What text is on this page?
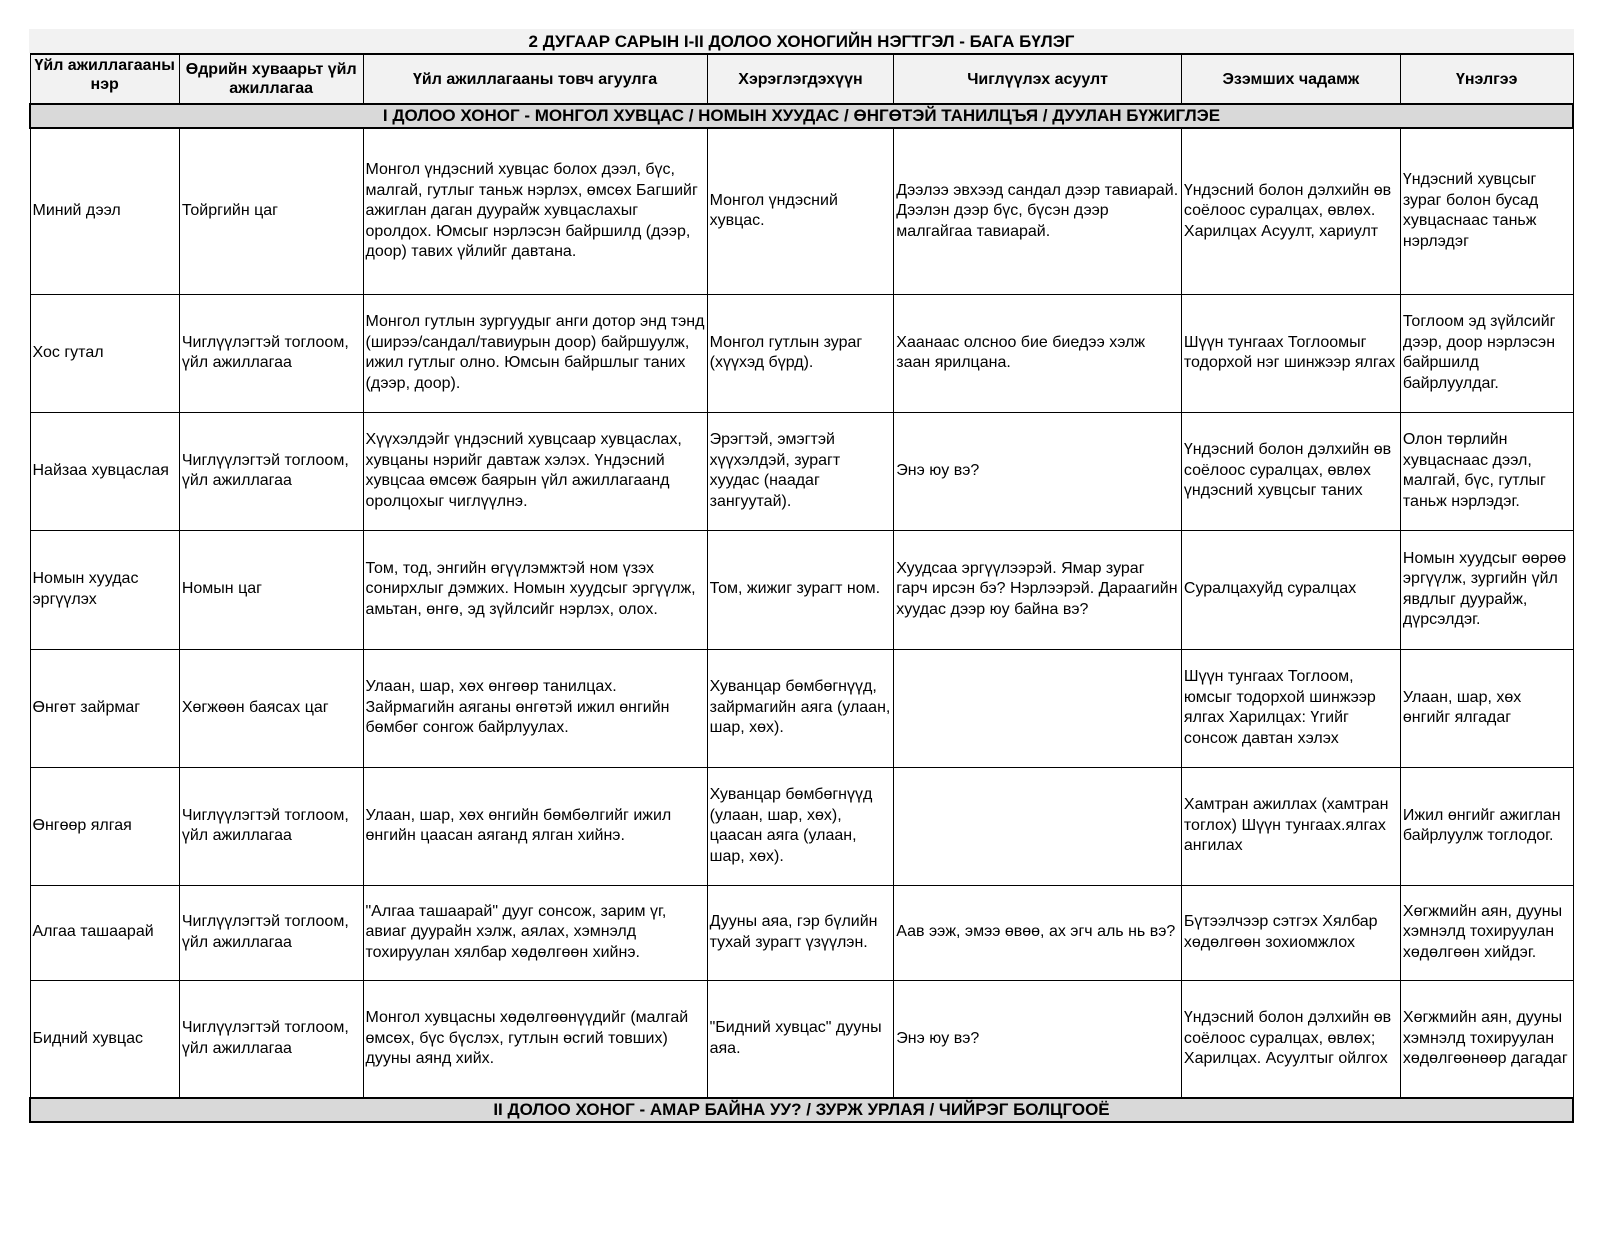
2 ДУГААР САРЫН I-II ДОЛОО ХОНОГИЙН НЭГТГЭЛ - БАГА БҮЛЭГ
Үйл ажиллагааны нэр	Өдрийн хуваарьт үйл ажиллагаа	Үйл ажиллагааны товч агуулга	Хэрэглэгдэхүүн	Чиглүүлэх асуулт	Эзэмших чадамж	Үнэлгээ
I ДОЛОО ХОНОГ - МОНГОЛ ХУВЦАС / НОМЫН ХУУДАС / ӨНГӨТЭЙ ТАНИЛЦЪЯ / ДУУЛАН БҮЖИГЛЭЕ						
Миний дээл	Тойргийн цаг	Монгол үндэсний хувцас болох дээл, бүс, малгай, гутлыг таньж нэрлэх, өмсөх Багшийг ажиглан даган дуурайж хувцаслахыг оролдох. Юмсыг нэрлэсэн байршилд (дээр, доор) тавих үйлийг давтана.	Монгол үндэсний хувцас.	Дээлээ эвхээд сандал дээр тавиарай. Дээлэн дээр бүс, бүсэн дээр малгайгаа тавиарай.	Үндэсний болон дэлхийн өв соёлоос суралцах, өвлөх. Харилцах Асуулт, хариулт	Үндэсний хувцсыг зураг болон бусад хувцаснаас таньж нэрлэдэг
Хос гутал	Чиглүүлэгтэй тоглоом, үйл ажиллагаа	Монгол гутлын зургуудыг анги дотор энд тэнд (ширээ/сандал/тавиурын доор) байршуулж, ижил гутлыг олно. Юмсын байршлыг таних (дээр, доор).	Монгол гутлын зураг (хүүхэд бүрд).	Хаанаас олсноо бие биедээ хэлж заан ярилцана.	Шүүн тунгаах Тоглоомыг тодорхой нэг шинжээр ялгах	Тоглоом эд зүйлсийг дээр, доор нэрлэсэн байршилд байрлуулдаг.
Найзаа хувцаслая	Чиглүүлэгтэй тоглоом, үйл ажиллагаа	Хүүхэлдэйг үндэсний хувцсаар хувцаслах, хувцаны нэрийг давтаж хэлэх. Үндэсний хувцсаа өмсөж баярын үйл ажиллагаанд оролцохыг чиглүүлнэ.	Эрэгтэй, эмэгтэй хүүхэлдэй, зурагт хуудас (наадаг зангуутай).	Энэ юу вэ?	Үндэсний болон дэлхийн өв соёлоос суралцах, өвлөх үндэсний хувцсыг таних	Олон төрлийн хувцаснаас дээл, малгай, бүс, гутлыг таньж нэрлэдэг.
Номын хуудас эргүүлэх	Номын цаг	Том, тод, энгийн өгүүлэмжтэй ном үзэх сонирхлыг дэмжих. Номын хуудсыг эргүүлж, амьтан, өнгө, эд зүйлсийг нэрлэх, олох.	Том, жижиг зурагт ном.	Хуудсаа эргүүлээрэй. Ямар зураг гарч ирсэн бэ? Нэрлээрэй. Дараагийн хуудас дээр юу байна вэ?	Суралцахуйд суралцах	Номын хуудсыг өөрөө эргүүлж, зургийн үйл явдлыг дуурайж, дүрсэлдэг.
Өнгөт зайрмаг	Хөгжөөн баясах цаг	Улаан, шар, хөх өнгөөр танилцах. Зайрмагийн аяганы өнгөтэй ижил өнгийн бөмбөг сонгож байрлуулах.	Хуванцар бөмбөгнүүд, зайрмагийн аяга (улаан, шар, хөх).		Шүүн тунгаах Тоглоом, юмсыг тодорхой шинжээр ялгах Харилцах: Үгийг сонсож давтан хэлэх	Улаан, шар, хөх өнгийг ялгадаг
Өнгөөр ялгая	Чиглүүлэгтэй тоглоом, үйл ажиллагаа	Улаан, шар, хөх өнгийн бөмбөлгийг ижил өнгийн цаасан аяганд ялган хийнэ.	Хуванцар бөмбөгнүүд (улаан, шар, хөх), цаасан аяга (улаан, шар, хөх).		Хамтран ажиллах (хамтран тоглох) Шүүн тунгаах.ялгах ангилах	Ижил өнгийг ажиглан байрлуулж тоглодог.
Алгаа ташаарай	Чиглүүлэгтэй тоглоом, үйл ажиллагаа	"Алгаа ташаарай" дууг сонсож, зарим үг, авиаг дуурайн хэлж, аялах, хэмнэлд тохируулан хялбар хөдөлгөөн хийнэ.	Дууны аяа, гэр бүлийн тухай зурагт үзүүлэн.	Аав ээж, эмээ өвөө, ах эгч аль нь вэ?	Бүтээлчээр сэтгэх Хялбар хөдөлгөөн зохиомжлох	Хөгжмийн аян, дууны хэмнэлд тохируулан хөдөлгөөн хийдэг.
Бидний хувцас	Чиглүүлэгтэй тоглоом, үйл ажиллагаа	Монгол хувцасны хөдөлгөөнүүдийг (малгай өмсөх, бүс бүслэх, гутлын өсгий товших) дууны аянд хийх.	"Бидний хувцас" дууны аяа.	Энэ юу вэ?	Үндэсний болон дэлхийн өв соёлоос суралцах, өвлөх; Харилцах. Асуултыг ойлгох	Хөгжмийн аян, дууны хэмнэлд тохируулан хөдөлгөөнөөр дагадаг
II ДОЛОО ХОНОГ - АМАР БАЙНА УУ? / ЗУРЖ УРЛАЯ / ЧИЙРЭГ БОЛЦГООЁ						
